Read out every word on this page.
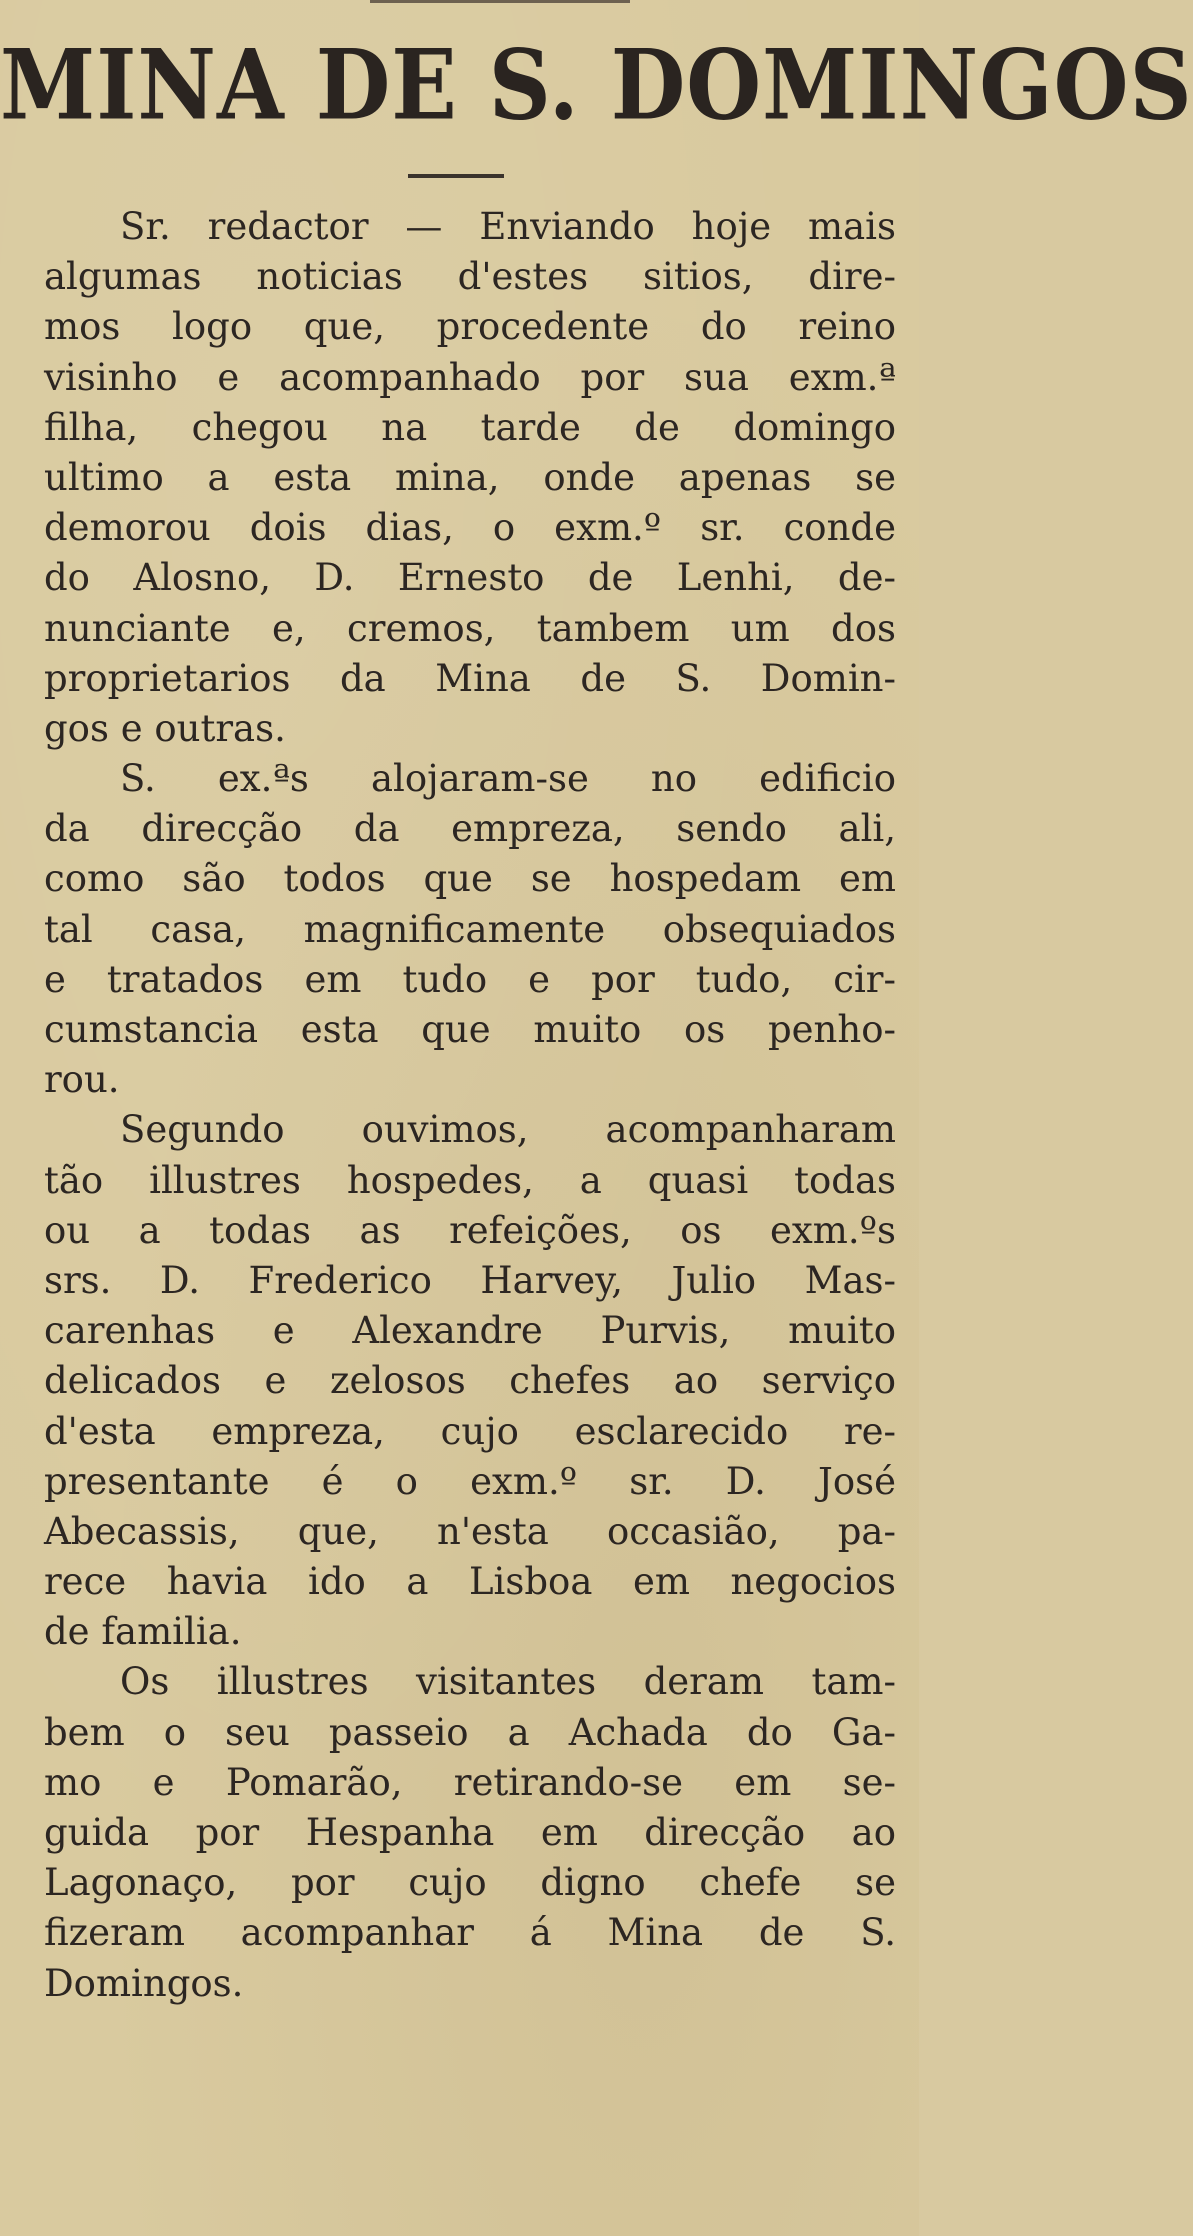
MINA DE S. DOMINGOS
Sr. redactor — Enviando hoje mais
algumas noticias d'estes sitios, dire-
mos logo que, procedente do reino
visinho e acompanhado por sua exm.ª
filha, chegou na tarde de domingo
ultimo a esta mina, onde apenas se
demorou dois dias, o exm.º sr. conde
do Alosno, D. Ernesto de Lenhi, de-
nunciante e, cremos, tambem um dos
proprietarios da Mina de S. Domin-
gos e outras.
S. ex.ªs alojaram-se no edificio
da direcção da empreza, sendo ali,
como são todos que se hospedam em
tal casa, magnificamente obsequiados
e tratados em tudo e por tudo, cir-
cumstancia esta que muito os penho-
rou.
Segundo ouvimos, acompanharam
tão illustres hospedes, a quasi todas
ou a todas as refeições, os exm.ºs
srs. D. Frederico Harvey, Julio Mas-
carenhas e Alexandre Purvis, muito
delicados e zelosos chefes ao serviço
d'esta empreza, cujo esclarecido re-
presentante é o exm.º sr. D. José
Abecassis, que, n'esta occasião, pa-
rece havia ido a Lisboa em negocios
de familia.
Os illustres visitantes deram tam-
bem o seu passeio a Achada do Ga-
mo e Pomarão, retirando-se em se-
guida por Hespanha em direcção ao
Lagonaço, por cujo digno chefe se
fizeram acompanhar á Mina de S.
Domingos.
